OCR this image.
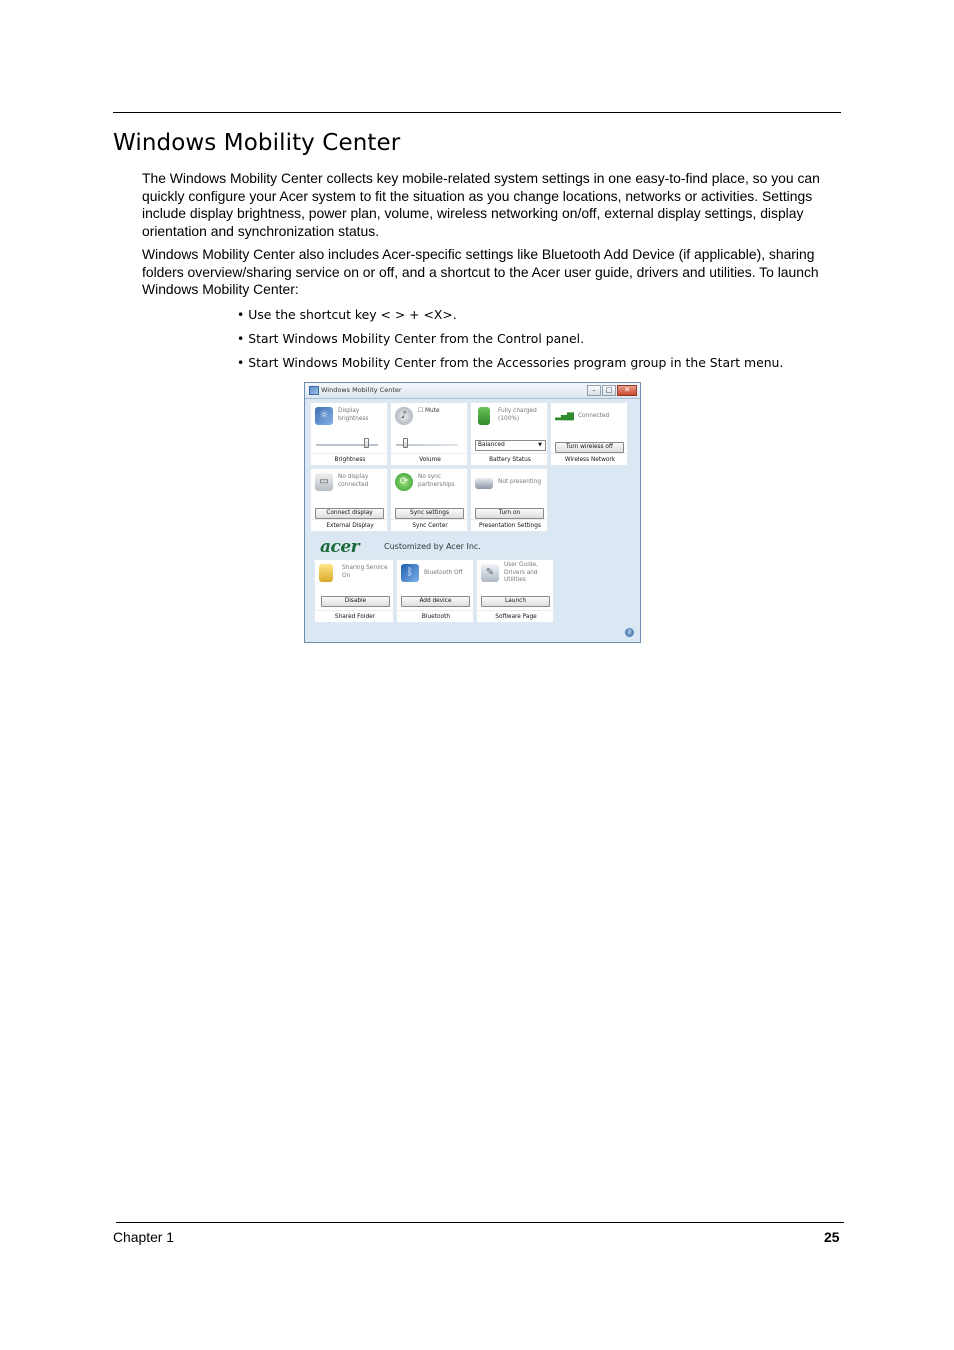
Windows Mobility Center

The Windows Mobility Center collects key mobile-related system settings in one easy-to-find place, so you can quickly configure your Acer system to fit the situation as you change locations, networks or activities. Settings include display brightness, power plan, volume, wireless networking on/off, external display settings, display orientation and synchronization status.

Windows Mobility Center also includes Acer-specific settings like Bluetooth Add Device (if applicable), sharing folders overview/sharing service on or off, and a shortcut to the Acer user guide, drivers and utilities. To launch Windows Mobility Center:

• Use the shortcut key < > + <X>.
• Start Windows Mobility Center from the Control panel.
• Start Windows Mobility Center from the Accessories program group in the Start menu.
Windows Mobility Center	–	□	✕
☼	Display brightness
Brightness
♪	☐ Mute
Volume
Fully charged (100%)
Balanced	▼
Battery Status
▂▄▆ Connected
Turn wireless off
Wireless Network
▭	No display connected
Connect display
External Display
⟳	No sync partnerships
Sync settings
Sync Center
Not presenting
Turn on
Presentation Settings
acer	Customized by Acer Inc.
Sharing Service On
Disable
Shared Folder
ᛒ	Bluetooth Off
Add device
Bluetooth
✎
User Guide, Drivers and Utilities
Launch
Software Page
?
Chapter 1	25
